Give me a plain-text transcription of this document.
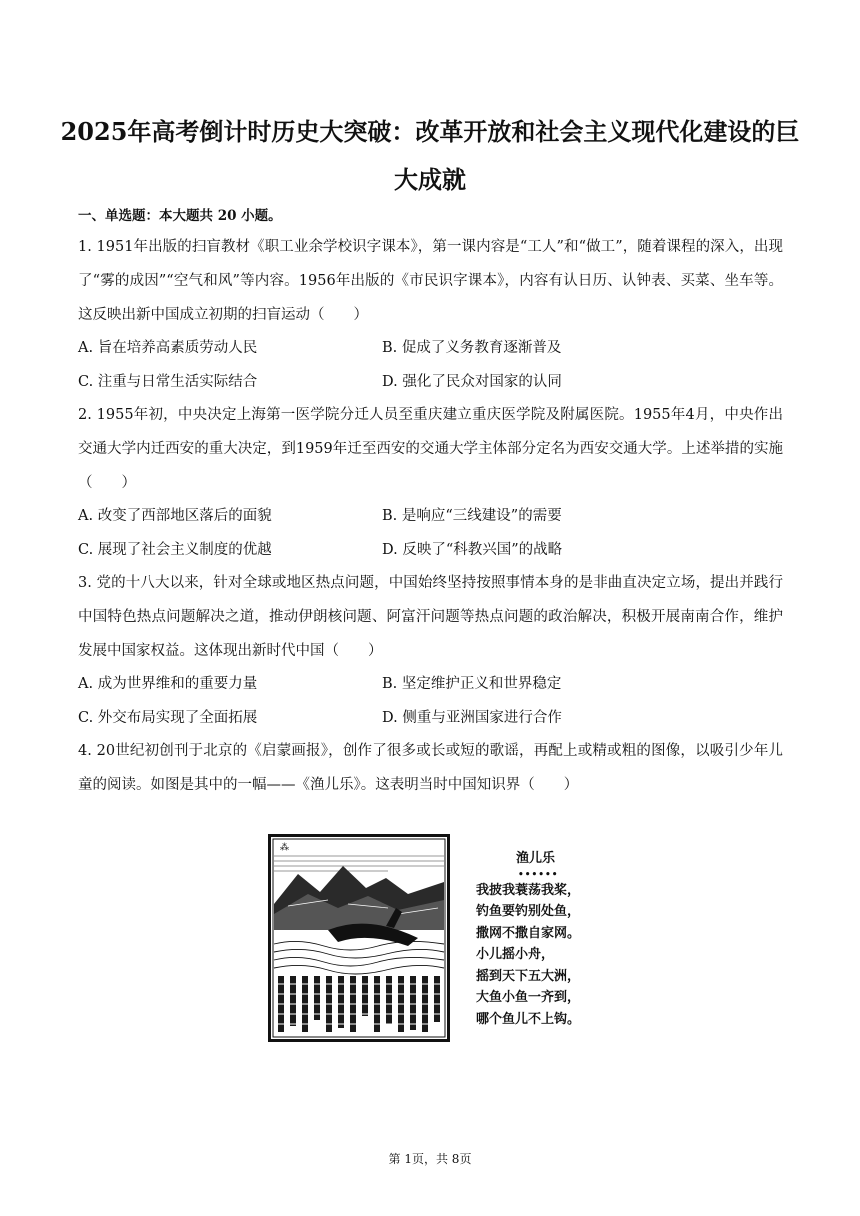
2025年高考倒计时历史大突破：改革开放和社会主义现代化建设的巨
大成就
一、单选题：本大题共 20 小题。

1. 1951年出版的扫盲教材《职工业余学校识字课本》，第一课内容是“工人”和“做工”，随着课程的深入，出现了“雾的成因”“空气和风”等内容。1956年出版的《市民识字课本》，内容有认日历、认钟表、买菜、坐车等。这反映出新中国成立初期的扫盲运动（　　）

A. 旨在培养高素质劳动人民	B. 促成了义务教育逐渐普及
C. 注重与日常生活实际结合	D. 强化了民众对国家的认同

2. 1955年初，中央决定上海第一医学院分迁人员至重庆建立重庆医学院及附属医院。1955年4月，中央作出交通大学内迁西安的重大决定，到1959年迁至西安的交通大学主体部分定名为西安交通大学。上述举措的实施（　　）

A. 改变了西部地区落后的面貌	B. 是响应“三线建设”的需要
C. 展现了社会主义制度的优越	D. 反映了“科教兴国”的战略

3. 党的十八大以来，针对全球或地区热点问题，中国始终坚持按照事情本身的是非曲直决定立场，提出并践行中国特色热点问题解决之道，推动伊朗核问题、阿富汗问题等热点问题的政治解决，积极开展南南合作，维护发展中国家权益。这体现出新时代中国（　　）

A. 成为世界维和的重要力量	B. 坚定维护正义和世界稳定
C. 外交布局实现了全面拓展	D. 侧重与亚洲国家进行合作

4. 20世纪初创刊于北京的《启蒙画报》，创作了很多或长或短的歌谣，再配上或精或粗的图像，以吸引少年儿童的阅读。如图是其中的一幅——《渔儿乐》。这表明当时中国知识界（　　）

⁂
渔儿乐
••••••
我披我蓑荡我桨，
钓鱼要钓别处鱼，
撒网不撒自家网。
小儿摇小舟，
摇到天下五大洲，
大鱼小鱼一齐到，
哪个鱼儿不上钩。
第 1页，共 8页
